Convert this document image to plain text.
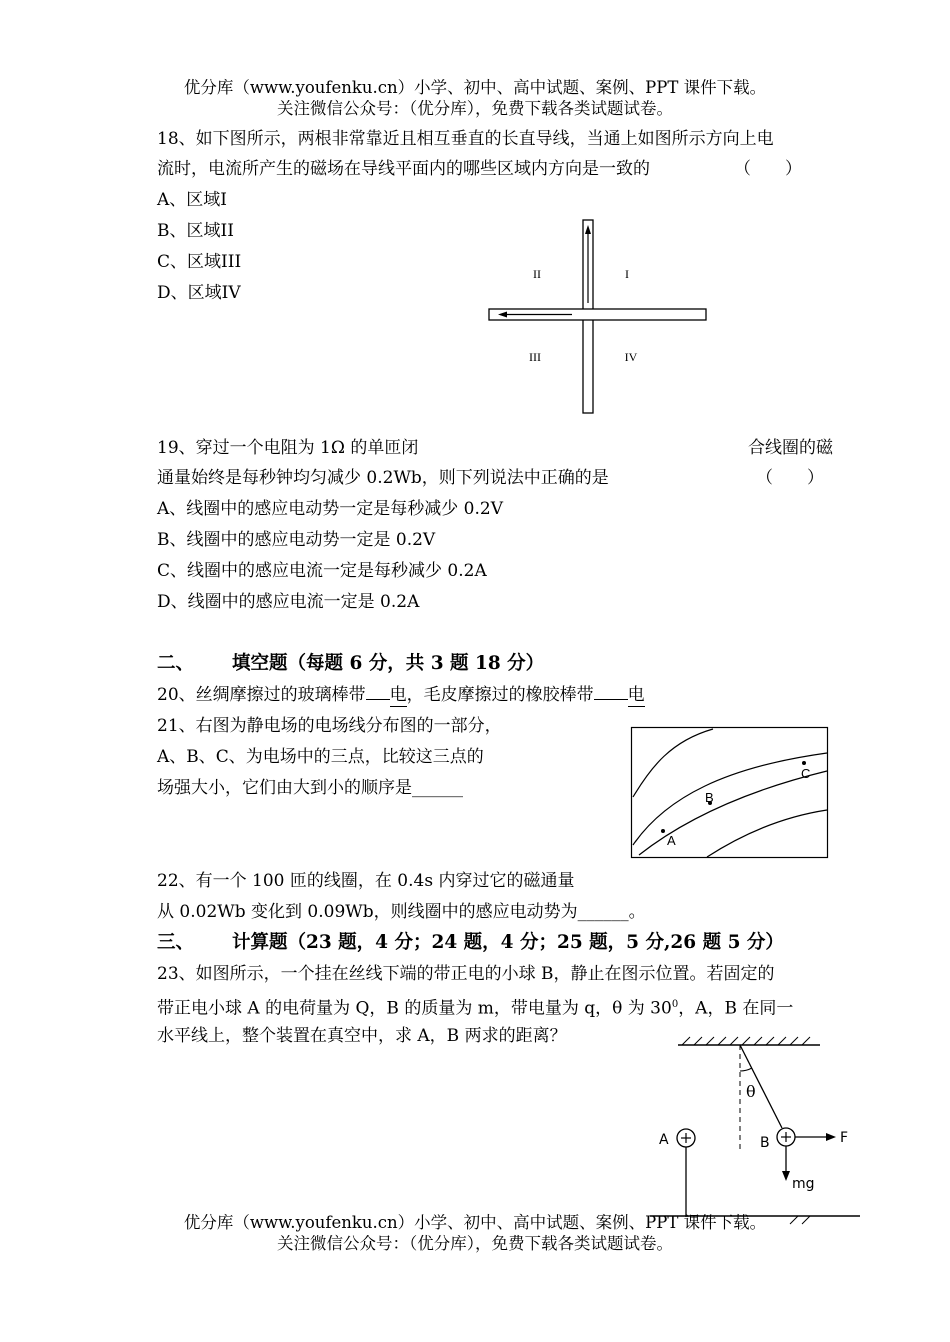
优分库（www.youfenku.cn）小学、初中、高中试题、案例、PPT 课件下载。
关注微信公众号：（优分库），免费下载各类试题试卷。
18、如下图所示，两根非常靠近且相互垂直的长直导线，当通上如图所示方向上电
流时，电流所产生的磁场在导线平面内的哪些区域内方向是一致的	（　　）
A、区域I
B、区域II
C、区域III
D、区域IV
II	I
III	IV
19、穿过一个电阻为 1Ω 的单匝闭	合线圈的磁
通量始终是每秒钟均匀减少 0.2Wb，则下列说法中正确的是	（　　）
A、线圈中的感应电动势一定是每秒减少 0.2V
B、线圈中的感应电动势一定是 0.2V
C、线圈中的感应电流一定是每秒减少 0.2A
D、线圈中的感应电流一定是 0.2A
二、 填空题（每题 6 分，共 3 题 18 分）
20、丝绸摩擦过的玻璃棒带 电，毛皮摩擦过的橡胶棒带 电
21、右图为静电场的电场线分布图的一部分，
A、B、C、为电场中的三点，比较这三点的
场强大小，它们由大到小的顺序是______
A
B
C
22、有一个 100 匝的线圈，在 0.4s 内穿过它的磁通量
从 0.02Wb 变化到 0.09Wb，则线圈中的感应电动势为______。
三、 计算题（23 题，4 分；24 题，4 分；25 题，5 分,26 题 5 分）
23、如图所示，一个挂在丝线下端的带正电的小球 B，静止在图示位置。若固定的
带正电小球 A 的电荷量为 Q，B 的质量为 m，带电量为 q，θ 为 $30^0$，A，B 在同一
水平线上，整个装置在真空中，求 A，B 两求的距离？
θ
B	F
mg
A
优分库（www.youfenku.cn）小学、初中、高中试题、案例、PPT 课件下载。
关注微信公众号：（优分库），免费下载各类试题试卷。
